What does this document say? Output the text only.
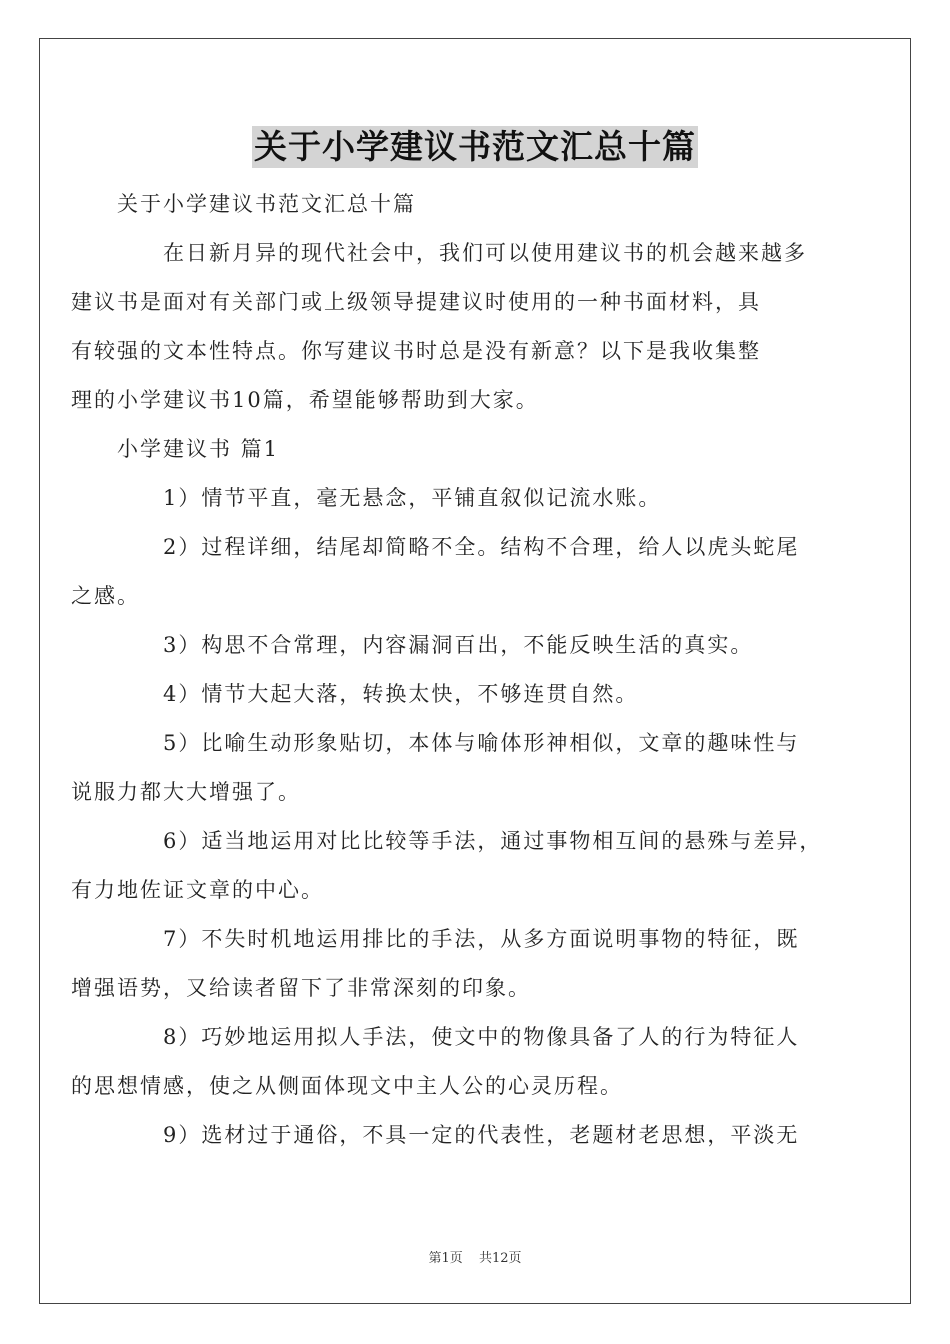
关于小学建议书范文汇总十篇
关于小学建议书范文汇总十篇
在日新月异的现代社会中，我们可以使用建议书的机会越来越多
建议书是面对有关部门或上级领导提建议时使用的一种书面材料，具
有较强的文本性特点。你写建议书时总是没有新意？以下是我收集整
理的小学建议书10篇，希望能够帮助到大家。
小学建议书 篇1
1）情节平直，毫无悬念，平铺直叙似记流水账。
2）过程详细，结尾却简略不全。结构不合理，给人以虎头蛇尾
之感。
3）构思不合常理，内容漏洞百出，不能反映生活的真实。
4）情节大起大落，转换太快，不够连贯自然。
5）比喻生动形象贴切，本体与喻体形神相似，文章的趣味性与
说服力都大大增强了。
6）适当地运用对比比较等手法，通过事物相互间的悬殊与差异，
有力地佐证文章的中心。
7）不失时机地运用排比的手法，从多方面说明事物的特征，既
增强语势，又给读者留下了非常深刻的印象。
8）巧妙地运用拟人手法，使文中的物像具备了人的行为特征人
的思想情感，使之从侧面体现文中主人公的心灵历程。
9）选材过于通俗，不具一定的代表性，老题材老思想，平淡无
第1页 共12页
